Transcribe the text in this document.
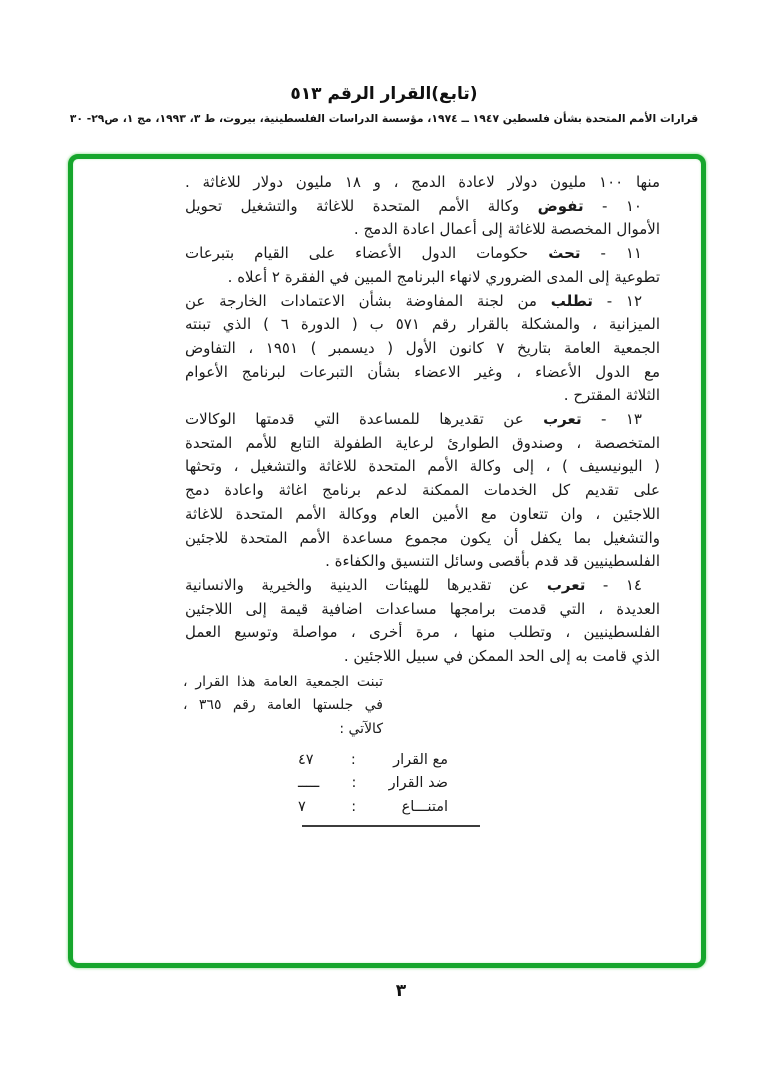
(تابع)القرار الرقم ٥١٣
قرارات الأمم المتحدة بشأن فلسطين ١٩٤٧ ــ ١٩٧٤، مؤسسة الدراسات الفلسطينية، بيروت، ط ٣، ١٩٩٣، مج ١، ص٢٩- ٣٠
منها ١٠٠ مليون دولار لاعادة الدمج ، و ١٨ مليون دولار للاغاثة .
١٠ - تفوض وكالة الأمم المتحدة للاغاثة والتشغيل تحويل
الأموال المخصصة للاغاثة إلى أعمال اعادة الدمج .
١١ - تحث حكومات الدول الأعضاء على القيام بتبرعات
تطوعية إلى المدى الضروري لانهاء البرنامج المبين في الفقرة ٢ أعلاه .
١٢ - تطلب من لجنة المفاوضة بشأن الاعتمادات الخارجة عن
الميزانية ، والمشكلة بالقرار رقم ٥٧١ ب ( الدورة ٦ ) الذي تبنته
الجمعية العامة بتاريخ ٧ كانون الأول ( ديسمبر ) ١٩٥١ ، التفاوض
مع الدول الأعضاء ، وغير الاعضاء بشأن التبرعات لبرنامج الأعوام
الثلاثة المقترح .
١٣ - تعرب عن تقديرها للمساعدة التي قدمتها الوكالات
المتخصصة ، وصندوق الطوارئ لرعاية الطفولة التابع للأمم المتحدة
( اليونيسيف ) ، إلى وكالة الأمم المتحدة للاغاثة والتشغيل ، وتحثها
على تقديم كل الخدمات الممكنة لدعم برنامج اغاثة واعادة دمج
اللاجئين ، وان تتعاون مع الأمين العام ووكالة الأمم المتحدة للاغاثة
والتشغيل بما يكفل أن يكون مجموع مساعدة الأمم المتحدة للاجئين
الفلسطينيين قد قدم بأقصى وسائل التنسيق والكفاءة .
١٤ - تعرب عن تقديرها للهيئات الدينية والخيرية والانسانية
العديدة ، التي قدمت برامجها مساعدات اضافية قيمة إلى اللاجئين
الفلسطينيين ، وتطلب منها ، مرة أخرى ، مواصلة وتوسيع العمل
الذي قامت به إلى الحد الممكن في سبيل اللاجئين .
تبنت الجمعية العامة هذا القرار ،
في جلستها العامة رقم ٣٦٥ ،
كالآتي :
مع القرار
:
٤٧
ضد القرار
:
ـــــ
امتنـــاع
:
٧
٣
